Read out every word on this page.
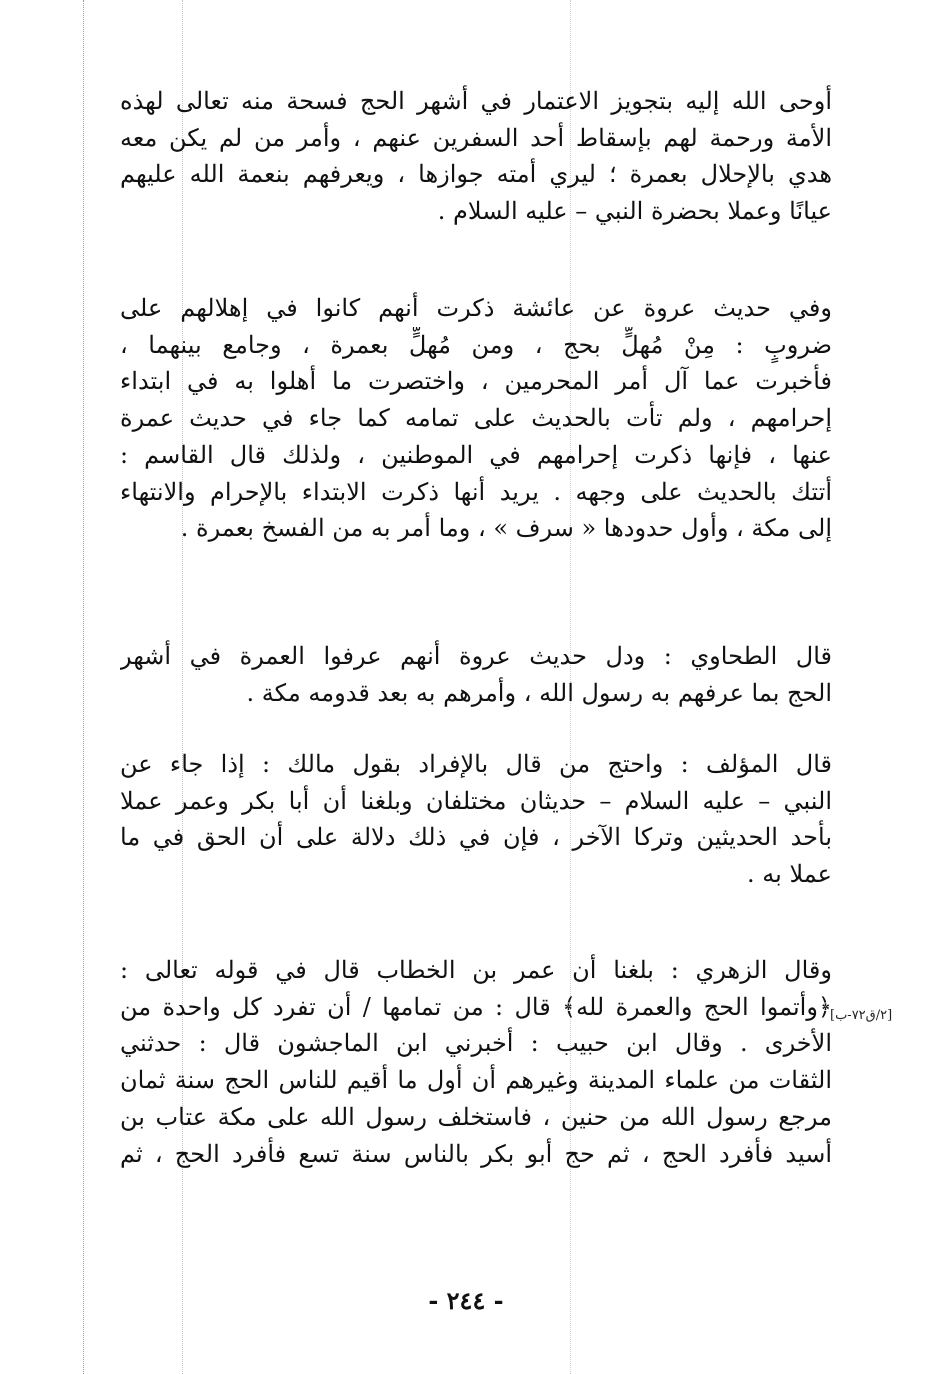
أوحى الله إليه بتجويز الاعتمار في أشهر الحج فسحة منه تعالى لهذه
الأمة ورحمة لهم بإسقاط أحد السفرين عنهم ، وأمر من لم يكن معه
هدي بالإحلال بعمرة ؛ ليري أمته جوازها ، ويعرفهم بنعمة الله عليهم
عيانًا وعملا بحضرة النبي – عليه السلام .
وفي حديث عروة عن عائشة ذكرت أنهم كانوا في إهلالهم على
ضروبٍ : مِنْ مُهلٍّ بحج ، ومن مُهلٍّ بعمرة ، وجامع بينهما ،
فأخبرت عما آل أمر المحرمين ، واختصرت ما أهلوا به في ابتداء
إحرامهم ، ولم تأت بالحديث على تمامه كما جاء في حديث عمرة
عنها ، فإنها ذكرت إحرامهم في الموطنين ، ولذلك قال القاسم :
أتتك بالحديث على وجهه . يريد أنها ذكرت الابتداء بالإحرام والانتهاء
إلى مكة ، وأول حدودها « سرف » ، وما أمر به من الفسخ بعمرة .
قال الطحاوي : ودل حديث عروة أنهم عرفوا العمرة في أشهر
الحج بما عرفهم به رسول الله ، وأمرهم به بعد قدومه مكة .
قال المؤلف : واحتج من قال بالإفراد بقول مالك : إذا جاء عن
النبي – عليه السلام – حديثان مختلفان وبلغنا أن أبا بكر وعمر عملا
بأحد الحديثين وتركا الآخر ، فإن في ذلك دلالة على أن الحق في ما
عملا به .
وقال الزهري : بلغنا أن عمر بن الخطاب قال في قوله تعالى :
﴿وأتموا الحج والعمرة لله﴾ قال : من تمامها / أن تفرد كل واحدة من
الأخرى . وقال ابن حبيب : أخبرني ابن الماجشون قال : حدثني
الثقات من علماء المدينة وغيرهم أن أول ما أقيم للناس الحج سنة ثمان
مرجع رسول الله من حنين ، فاستخلف رسول الله على مكة عتاب بن
أسيد فأفرد الحج ، ثم حج أبو بكر بالناس سنة تسع فأفرد الحج ، ثم
[٢/ق٧٢-ب]
- ٢٤٤ -
